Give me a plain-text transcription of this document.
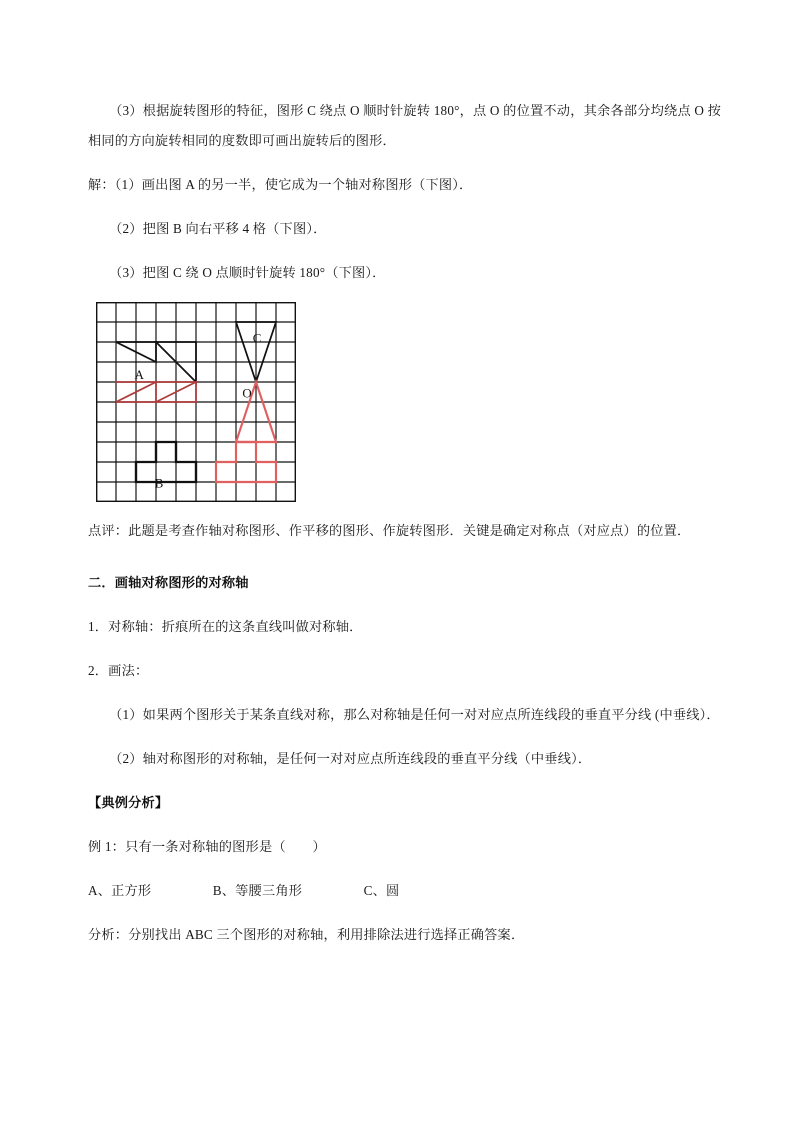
（3）根据旋转图形的特征，图形 C 绕点 O 顺时针旋转 180°，点 O 的位置不动，其余各部分均绕点 O 按相同的方向旋转相同的度数即可画出旋转后的图形．

解：（1）画出图 A 的另一半，使它成为一个轴对称图形（下图）．

（2）把图 B 向右平移 4 格（下图）．

（3）把图 C 绕 O 点顺时针旋转 180°（下图）．

A
B
C
O

点评：此题是考查作轴对称图形、作平移的图形、作旋转图形．关键是确定对称点（对应点）的位置．

二．画轴对称图形的对称轴

1．对称轴：折痕所在的这条直线叫做对称轴．

2．画法：

（1）如果两个图形关于某条直线对称，那么对称轴是任何一对对应点所连线段的垂直平分线 (中垂线）．

（2）轴对称图形的对称轴，是任何一对对应点所连线段的垂直平分线（中垂线）．

【典例分析】

例 1：只有一条对称轴的图形是（　　）

A、正方形	B、等腰三角形	C、圆

分析：分别找出 ABC 三个图形的对称轴，利用排除法进行选择正确答案．
